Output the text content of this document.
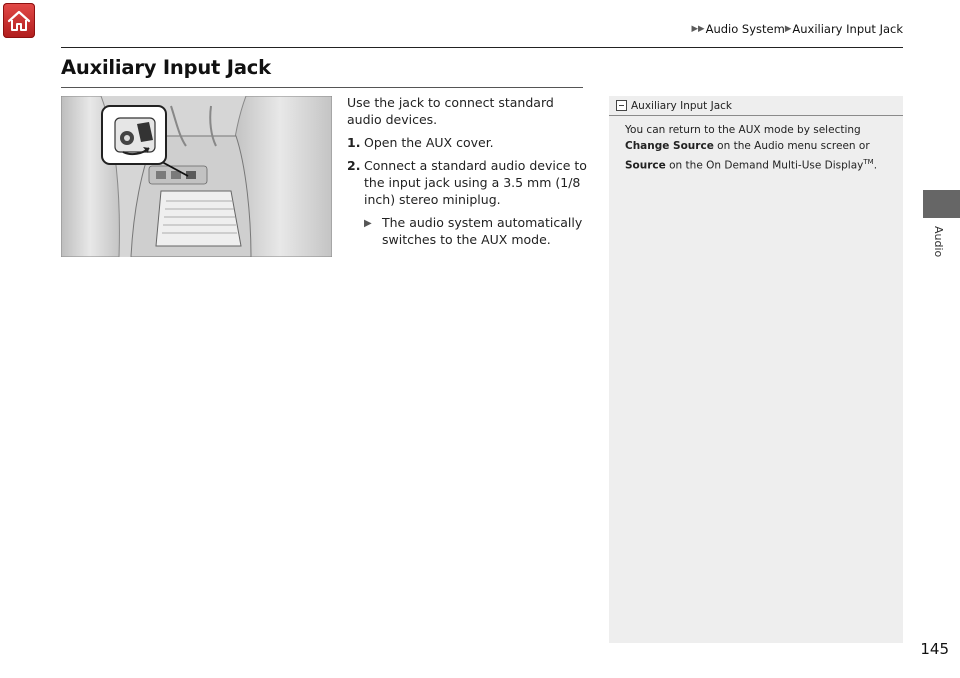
▶▶ Audio System ▶ Auxiliary Input Jack
Auxiliary Input Jack

Use the jack to connect standard audio devices.

1. Open the AUX cover.
2. Connect a standard audio device to the input jack using a 3.5 mm (1/8 inch) stereo miniplug.
▶ The audio system automatically switches to the AUX mode.
Auxiliary Input Jack
You can return to the AUX mode by selecting Change Source on the Audio menu screen or Source on the On Demand Multi-Use Display™.
Audio
145
